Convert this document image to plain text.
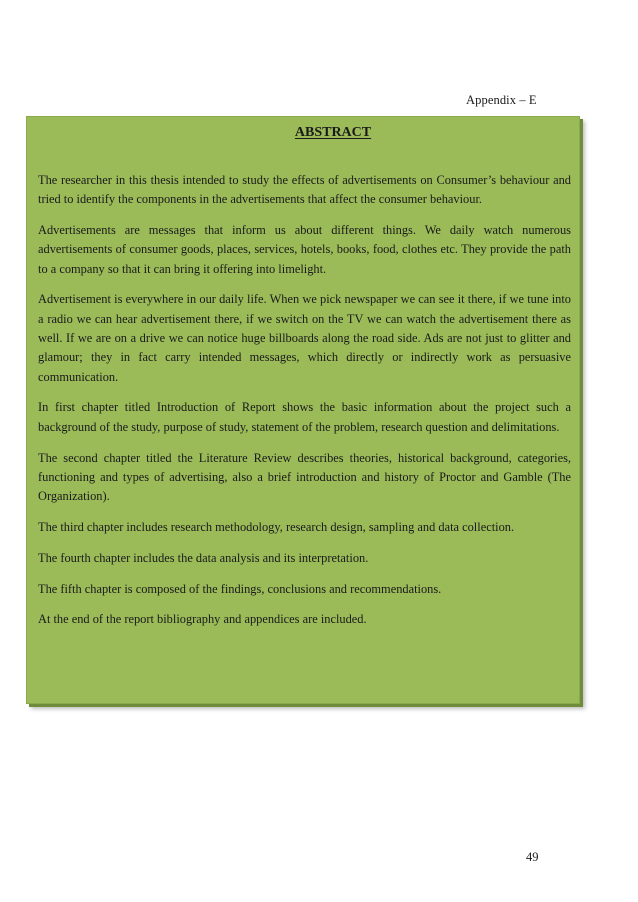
Appendix – E
ABSTRACT

The researcher in this thesis intended to study the effects of advertisements on Consumer’s behaviour and tried to identify the components in the advertisements that affect the consumer behaviour.

Advertisements are messages that inform us about different things. We daily watch numerous advertisements of consumer goods, places, services, hotels, books, food, clothes etc. They provide the path to a company so that it can bring it offering into limelight.

Advertisement is everywhere in our daily life. When we pick newspaper we can see it there, if we tune into a radio we can hear advertisement there, if we switch on the TV we can watch the advertisement there as well. If we are on a drive we can notice huge billboards along the road side. Ads are not just to glitter and glamour; they in fact carry intended messages, which directly or indirectly work as persuasive communication.

In first chapter titled Introduction of Report shows the basic information about the project such a background of the study, purpose of study, statement of the problem, research question and delimitations.

The second chapter titled the Literature Review describes theories, historical background, categories, functioning and types of advertising, also a brief introduction and history of Proctor and Gamble (The Organization).

The third chapter includes research methodology, research design, sampling and data collection.

The fourth chapter includes the data analysis and its interpretation.

The fifth chapter is composed of the findings, conclusions and recommendations.

At the end of the report bibliography and appendices are included.

49
